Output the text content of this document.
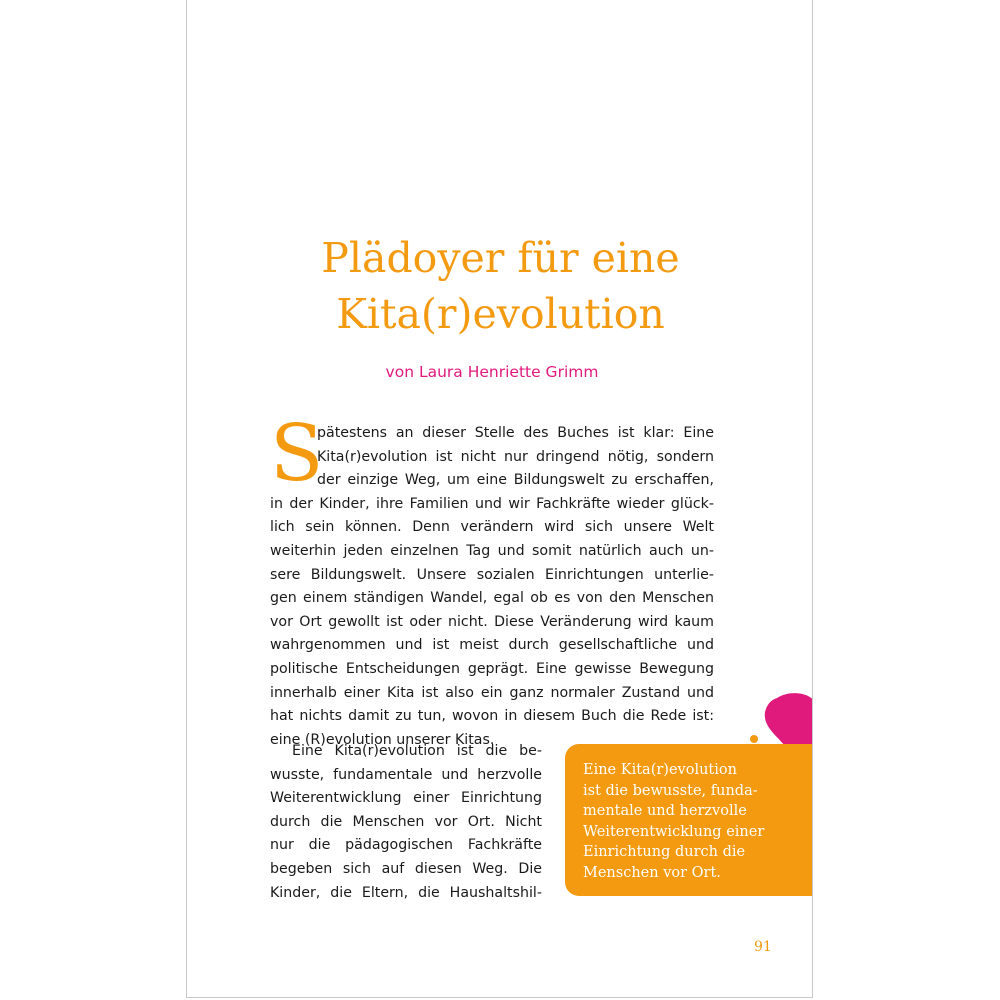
Plädoyer für eine
Kita(r)evolution

von Laura Henriette Grimm

S
pätestens an dieser Stelle des Buches ist klar: Eine
Kita(r)evolution ist nicht nur dringend nötig, sondern
der einzige Weg, um eine Bildungswelt zu erschaffen,
in der Kinder, ihre Familien und wir Fachkräfte wieder glück-
lich sein können. Denn verändern wird sich unsere Welt
weiterhin jeden einzelnen Tag und somit natürlich auch un-
sere Bildungswelt. Unsere sozialen Einrichtungen unterlie-
gen einem ständigen Wandel, egal ob es von den Menschen
vor Ort gewollt ist oder nicht. Diese Veränderung wird kaum
wahrgenommen und ist meist durch gesellschaftliche und
politische Entscheidungen geprägt. Eine gewisse Bewegung
innerhalb einer Kita ist also ein ganz normaler Zustand und
hat nichts damit zu tun, wovon in diesem Buch die Rede ist:
eine (R)evolution unserer Kitas.
Eine Kita(r)evolution ist die be-
wusste, fundamentale und herzvolle
Weiterentwicklung einer Einrichtung
durch die Menschen vor Ort. Nicht
nur die pädagogischen Fachkräfte
begeben sich auf diesen Weg. Die
Kinder, die Eltern, die Haushaltshil-
Eine Kita(r)evolution
ist die bewusste, funda-
mentale und herzvolle
Weiterentwicklung einer
Einrichtung durch die
Menschen vor Ort.
91
